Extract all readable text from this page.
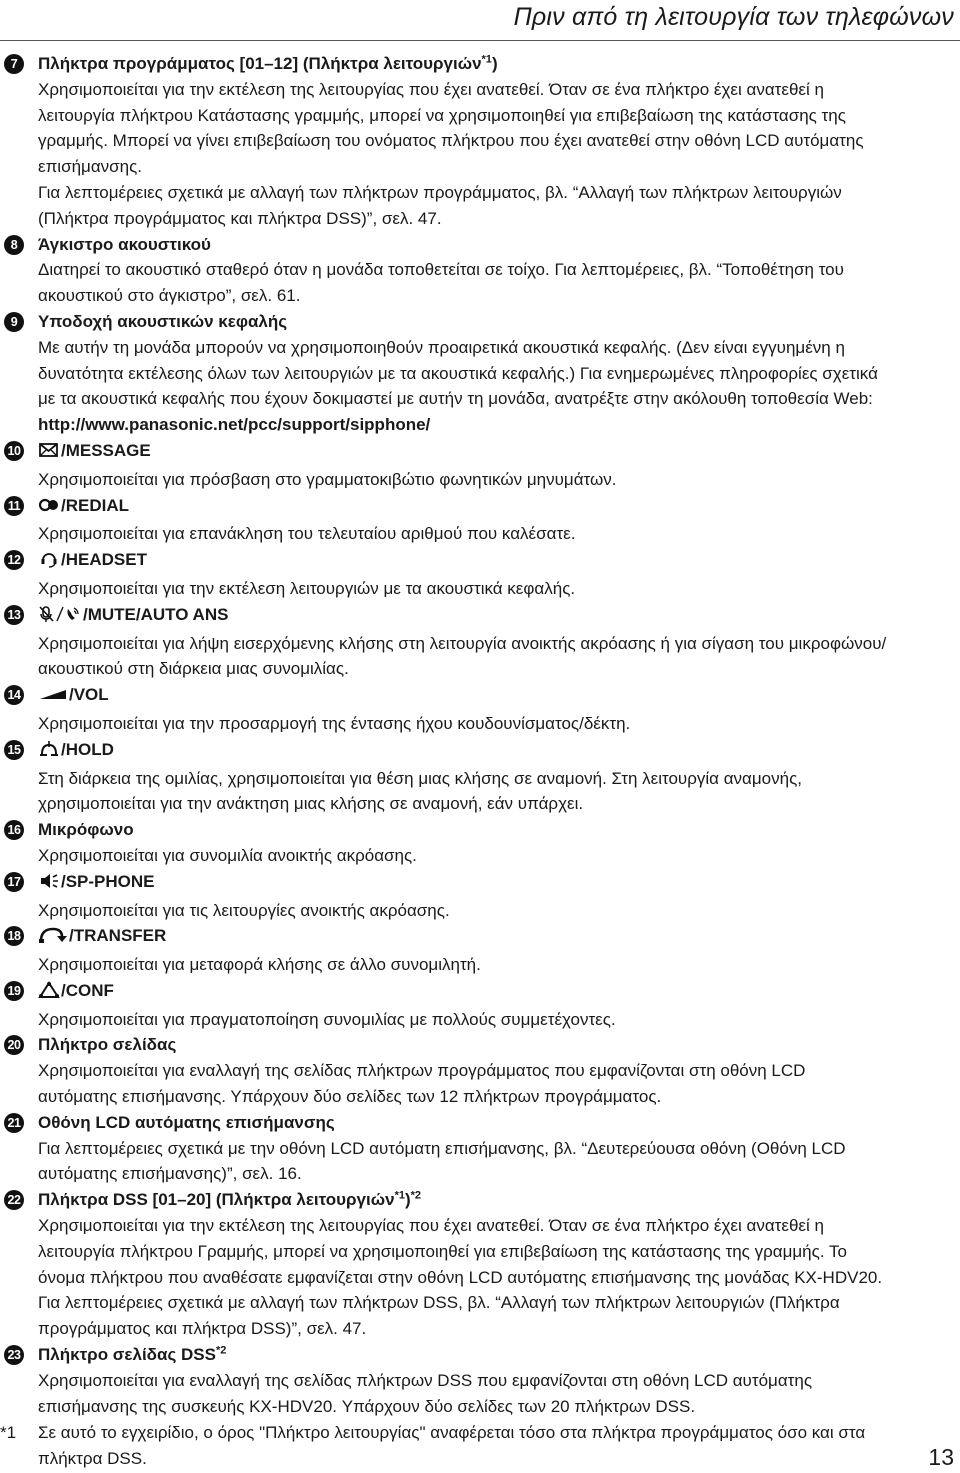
Πριν από τη λειτουργία των τηλεφώνων
7	Πλήκτρα προγράμματος [01–12] (Πλήκτρα λειτουργιών$^{*1}$)
Χρησιμοποιείται για την εκτέλεση της λειτουργίας που έχει ανατεθεί. Όταν σε ένα πλήκτρο έχει ανατεθεί η
λειτουργία πλήκτρου Κατάστασης γραμμής, μπορεί να χρησιμοποιηθεί για επιβεβαίωση της κατάστασης της
γραμμής. Μπορεί να γίνει επιβεβαίωση του ονόματος πλήκτρου που έχει ανατεθεί στην οθόνη LCD αυτόματης
επισήμανσης.
Για λεπτομέρειες σχετικά με αλλαγή των πλήκτρων προγράμματος, βλ. “Αλλαγή των πλήκτρων λειτουργιών
(Πλήκτρα προγράμματος και πλήκτρα DSS)”, σελ. 47.
8	Άγκιστρο ακουστικού
Διατηρεί το ακουστικό σταθερό όταν η μονάδα τοποθετείται σε τοίχο. Για λεπτομέρειες, βλ. “Τοποθέτηση του
ακουστικού στο άγκιστρο”, σελ. 61.
9	Υποδοχή ακουστικών κεφαλής
Με αυτήν τη μονάδα μπορούν να χρησιμοποιηθούν προαιρετικά ακουστικά κεφαλής. (Δεν είναι εγγυημένη η
δυνατότητα εκτέλεσης όλων των λειτουργιών με τα ακουστικά κεφαλής.) Για ενημερωμένες πληροφορίες σχετικά
με τα ακουστικά κεφαλής που έχουν δοκιμαστεί με αυτήν τη μονάδα, ανατρέξτε στην ακόλουθη τοποθεσία Web:
http://www.panasonic.net/pcc/support/sipphone/
10	/MESSAGE
Χρησιμοποιείται για πρόσβαση στο γραμματοκιβώτιο φωνητικών μηνυμάτων.
11	/REDIAL
Χρησιμοποιείται για επανάκληση του τελευταίου αριθμού που καλέσατε.
12	/HEADSET
Χρησιμοποιείται για την εκτέλεση λειτουργιών με τα ακουστικά κεφαλής.
13	/MUTE/AUTO ANS
Χρησιμοποιείται για λήψη εισερχόμενης κλήσης στη λειτουργία ανοικτής ακρόασης ή για σίγαση του μικροφώνου/
ακουστικού στη διάρκεια μιας συνομιλίας.
14	/VOL
Χρησιμοποιείται για την προσαρμογή της έντασης ήχου κουδουνίσματος/δέκτη.
15	/HOLD
Στη διάρκεια της ομιλίας, χρησιμοποιείται για θέση μιας κλήσης σε αναμονή. Στη λειτουργία αναμονής,
χρησιμοποιείται για την ανάκτηση μιας κλήσης σε αναμονή, εάν υπάρχει.
16 Μικρόφωνο
Χρησιμοποιείται για συνομιλία ανοικτής ακρόασης.
17	/SP-PHONE
Χρησιμοποιείται για τις λειτουργίες ανοικτής ακρόασης.
18	/TRANSFER
Χρησιμοποιείται για μεταφορά κλήσης σε άλλο συνομιλητή.
19	/CONF
Χρησιμοποιείται για πραγματοποίηση συνομιλίας με πολλούς συμμετέχοντες.
20 Πλήκτρο σελίδας
Χρησιμοποιείται για εναλλαγή της σελίδας πλήκτρων προγράμματος που εμφανίζονται στη οθόνη LCD
αυτόματης επισήμανσης. Υπάρχουν δύο σελίδες των 12 πλήκτρων προγράμματος.
21 Οθόνη LCD αυτόματης επισήμανσης
Για λεπτομέρειες σχετικά με την οθόνη LCD αυτόματη επισήμανσης, βλ. “Δευτερεύουσα οθόνη (Οθόνη LCD
αυτόματης επισήμανσης)”, σελ. 16.
22 Πλήκτρα DSS [01–20] (Πλήκτρα λειτουργιών$^{*1}$)$^{*2}$
Χρησιμοποιείται για την εκτέλεση της λειτουργίας που έχει ανατεθεί. Όταν σε ένα πλήκτρο έχει ανατεθεί η
λειτουργία πλήκτρου Γραμμής, μπορεί να χρησιμοποιηθεί για επιβεβαίωση της κατάστασης της γραμμής. Το
όνομα πλήκτρου που αναθέσατε εμφανίζεται στην οθόνη LCD αυτόματης επισήμανσης της μονάδας KX-HDV20.
Για λεπτομέρειες σχετικά με αλλαγή των πλήκτρων DSS, βλ. “Αλλαγή των πλήκτρων λειτουργιών (Πλήκτρα
προγράμματος και πλήκτρα DSS)”, σελ. 47.
23 Πλήκτρο σελίδας DSS$^{*2}$
Χρησιμοποιείται για εναλλαγή της σελίδας πλήκτρων DSS που εμφανίζονται στη οθόνη LCD αυτόματης
επισήμανσης της συσκευής KX-HDV20. Υπάρχουν δύο σελίδες των 20 πλήκτρων DSS.
*1 Σε αυτό το εγχειρίδιο, ο όρος "Πλήκτρο λειτουργίας" αναφέρεται τόσο στα πλήκτρα προγράμματος όσο και στα
πλήκτρα DSS.	13
